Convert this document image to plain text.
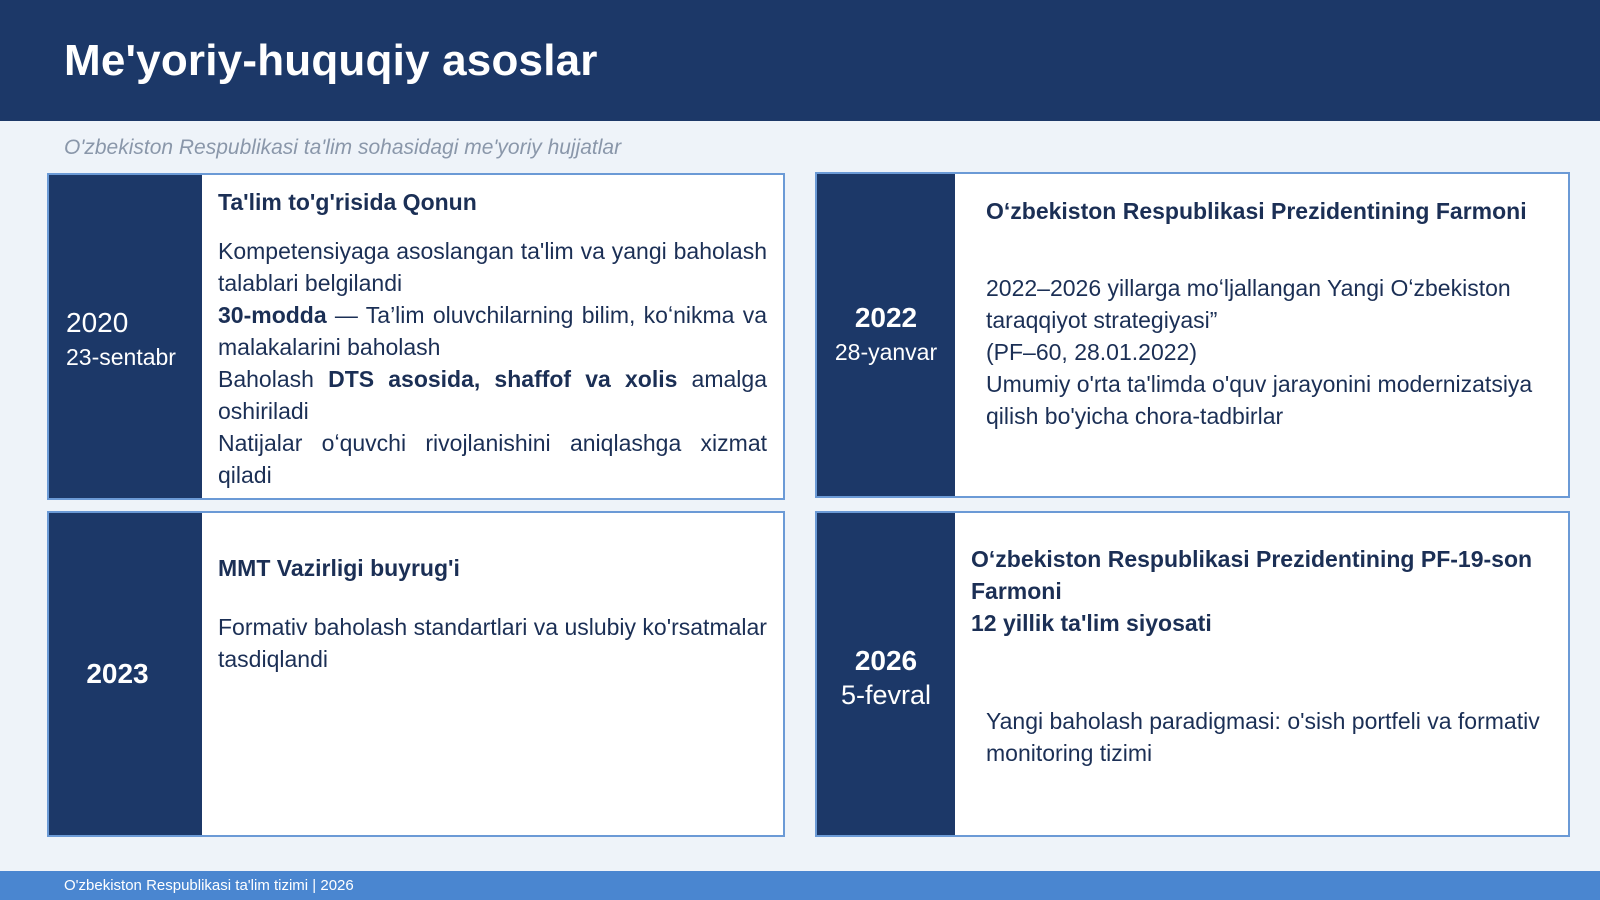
Me'yoriy-huquqiy asoslar
O'zbekiston Respublikasi ta'lim sohasidagi me'yoriy hujjatlar
2020
23-sentabr
Ta'lim to'g'risida Qonun
Kompetensiyaga asoslangan ta'lim va yangi baholash talablari belgilandi
30-modda — Ta’lim oluvchilarning bilim, koʻnikma va malakalarini baholash
Baholash DTS asosida, shaffof va xolis amalga oshiriladi
Natijalar oʻquvchi rivojlanishini aniqlashga xizmat qiladi
2022
28-yanvar
Oʻzbekiston Respublikasi Prezidentining Farmoni
2022–2026 yillarga moʻljallangan Yangi Oʻzbekiston taraqqiyot strategiyasi”
(PF–60, 28.01.2022)
Umumiy o'rta ta'limda o'quv jarayonini modernizatsiya qilish bo'yicha chora-tadbirlar
2023
MMT Vazirligi buyrug'i
Formativ baholash standartlari va uslubiy ko'rsatmalar tasdiqlandi	2026
5-fevral
Oʻzbekiston Respublikasi Prezidentining PF-19-son Farmoni
12 yillik ta'lim siyosati
Yangi baholash paradigmasi: o'sish portfeli va formativ monitoring tizimi
O'zbekiston Respublikasi ta'lim tizimi | 2026
